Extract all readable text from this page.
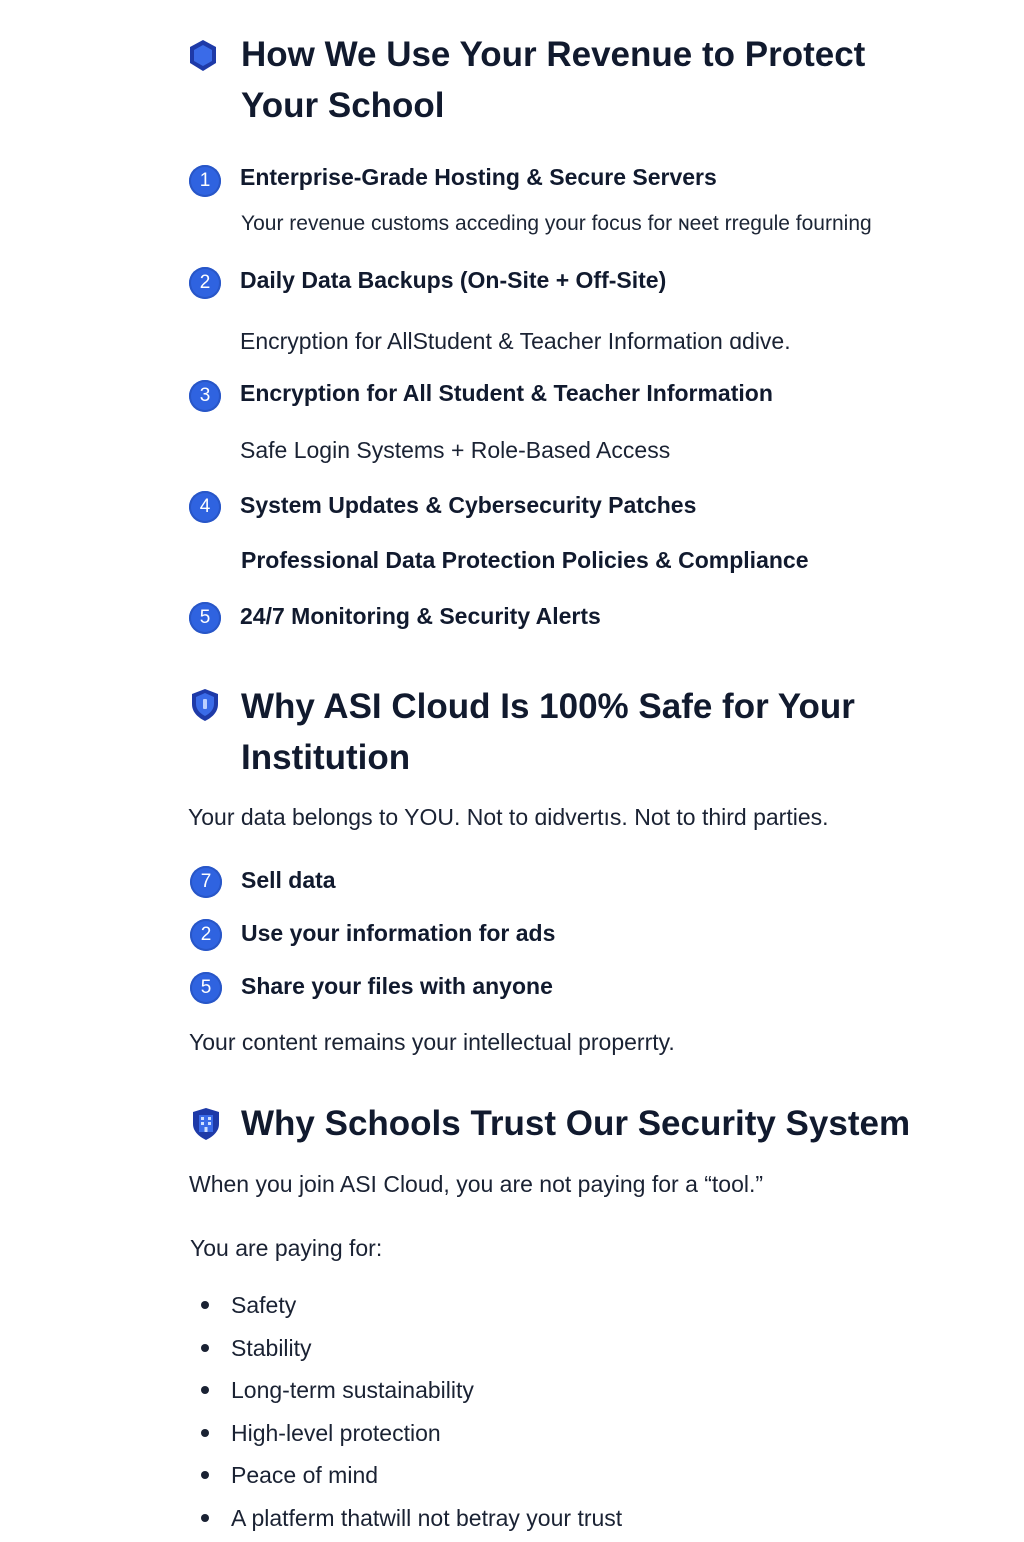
How We Use Your Revenue to Protect
Your School
1	Enterprise-Grade Hosting & Secure Servers
Your revenue customs acceding your focus for ɴeet rregule fourning
2	Daily Data Backups (On-Site + Off-Site)
Encryption for AllStudent & Teacher Information ɑdive.
3	Encryption for All Student & Teacher Information
Safe Login Systems + Role-Based Access
4	System Updates & Cybersecurity Patches
Professional Data Protection Policies & Compliance
5	24/7 Monitoring & Security Alerts
Why ASI Cloud Is 100% Safe for Your
Institution
Your data belongs to YOU. Not to ɑidvertıs. Not to third parties.
7	Sell data
2	Use your information for ads
5	Share your files with anyone
Your content remains your intellectual properrty.
Why Schools Trust Our Security System
When you join ASI Cloud, you are not paying for a “tool.”
You are paying for:
Safety
Stability
Long-term sustainability
High-level protection
Peace of mind
A platferm thatwill not betray your trust
